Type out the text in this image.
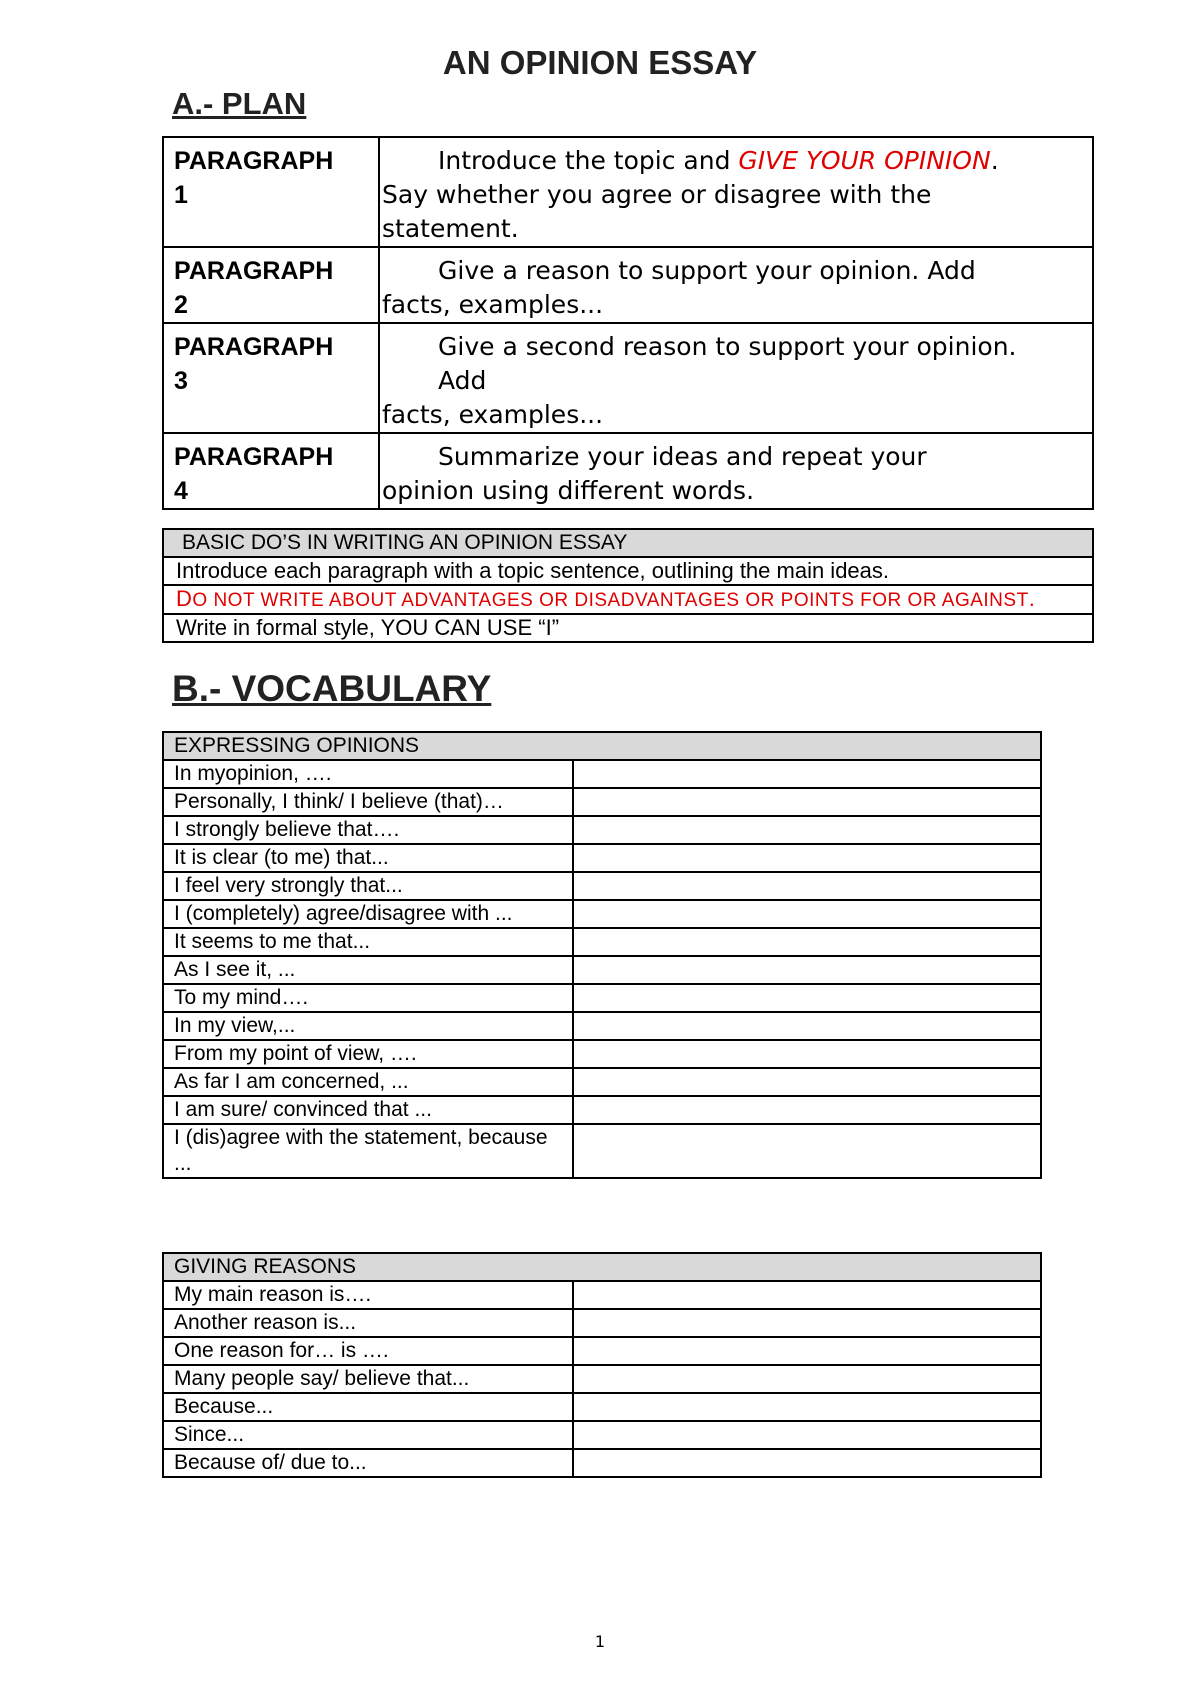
AN OPINION ESSAY
A.- PLAN
PARAGRAPH
1	Introduce the topic and GIVE YOUR OPINION.
Say whether you agree or disagree with the
statement.
PARAGRAPH
2	Give a reason to support your opinion. Add
facts, examples...
PARAGRAPH
3	Give a second reason to support your opinion.
Add
facts, examples...
PARAGRAPH
4	Summarize your ideas and repeat your
opinion using different words.
BASIC DO’S IN WRITING AN OPINION ESSAY
Introduce each paragraph with a topic sentence, outlining the main ideas.
DO NOT WRITE ABOUT ADVANTAGES OR DISADVANTAGES OR POINTS FOR OR AGAINST.
Write in formal style, YOU CAN USE “I”
B.- VOCABULARY
EXPRESSING OPINIONS	
In myopinion, ….	
Personally, I think/ I believe (that)…	
I strongly believe that….	
It is clear (to me) that...	
I feel very strongly that...	
I (completely) agree/disagree with ...	
It seems to me that...	
As I see it, ...	
To my mind….	
In my view,...	
From my point of view, ….	
As far I am concerned, ...	
I am sure/ convinced that ...	
I (dis)agree with the statement, because ...	
GIVING REASONS	
My main reason is….	
Another reason is...	
One reason for… is ….	
Many people say/ believe that...	
Because...	
Since...	
Because of/ due to...	
1
